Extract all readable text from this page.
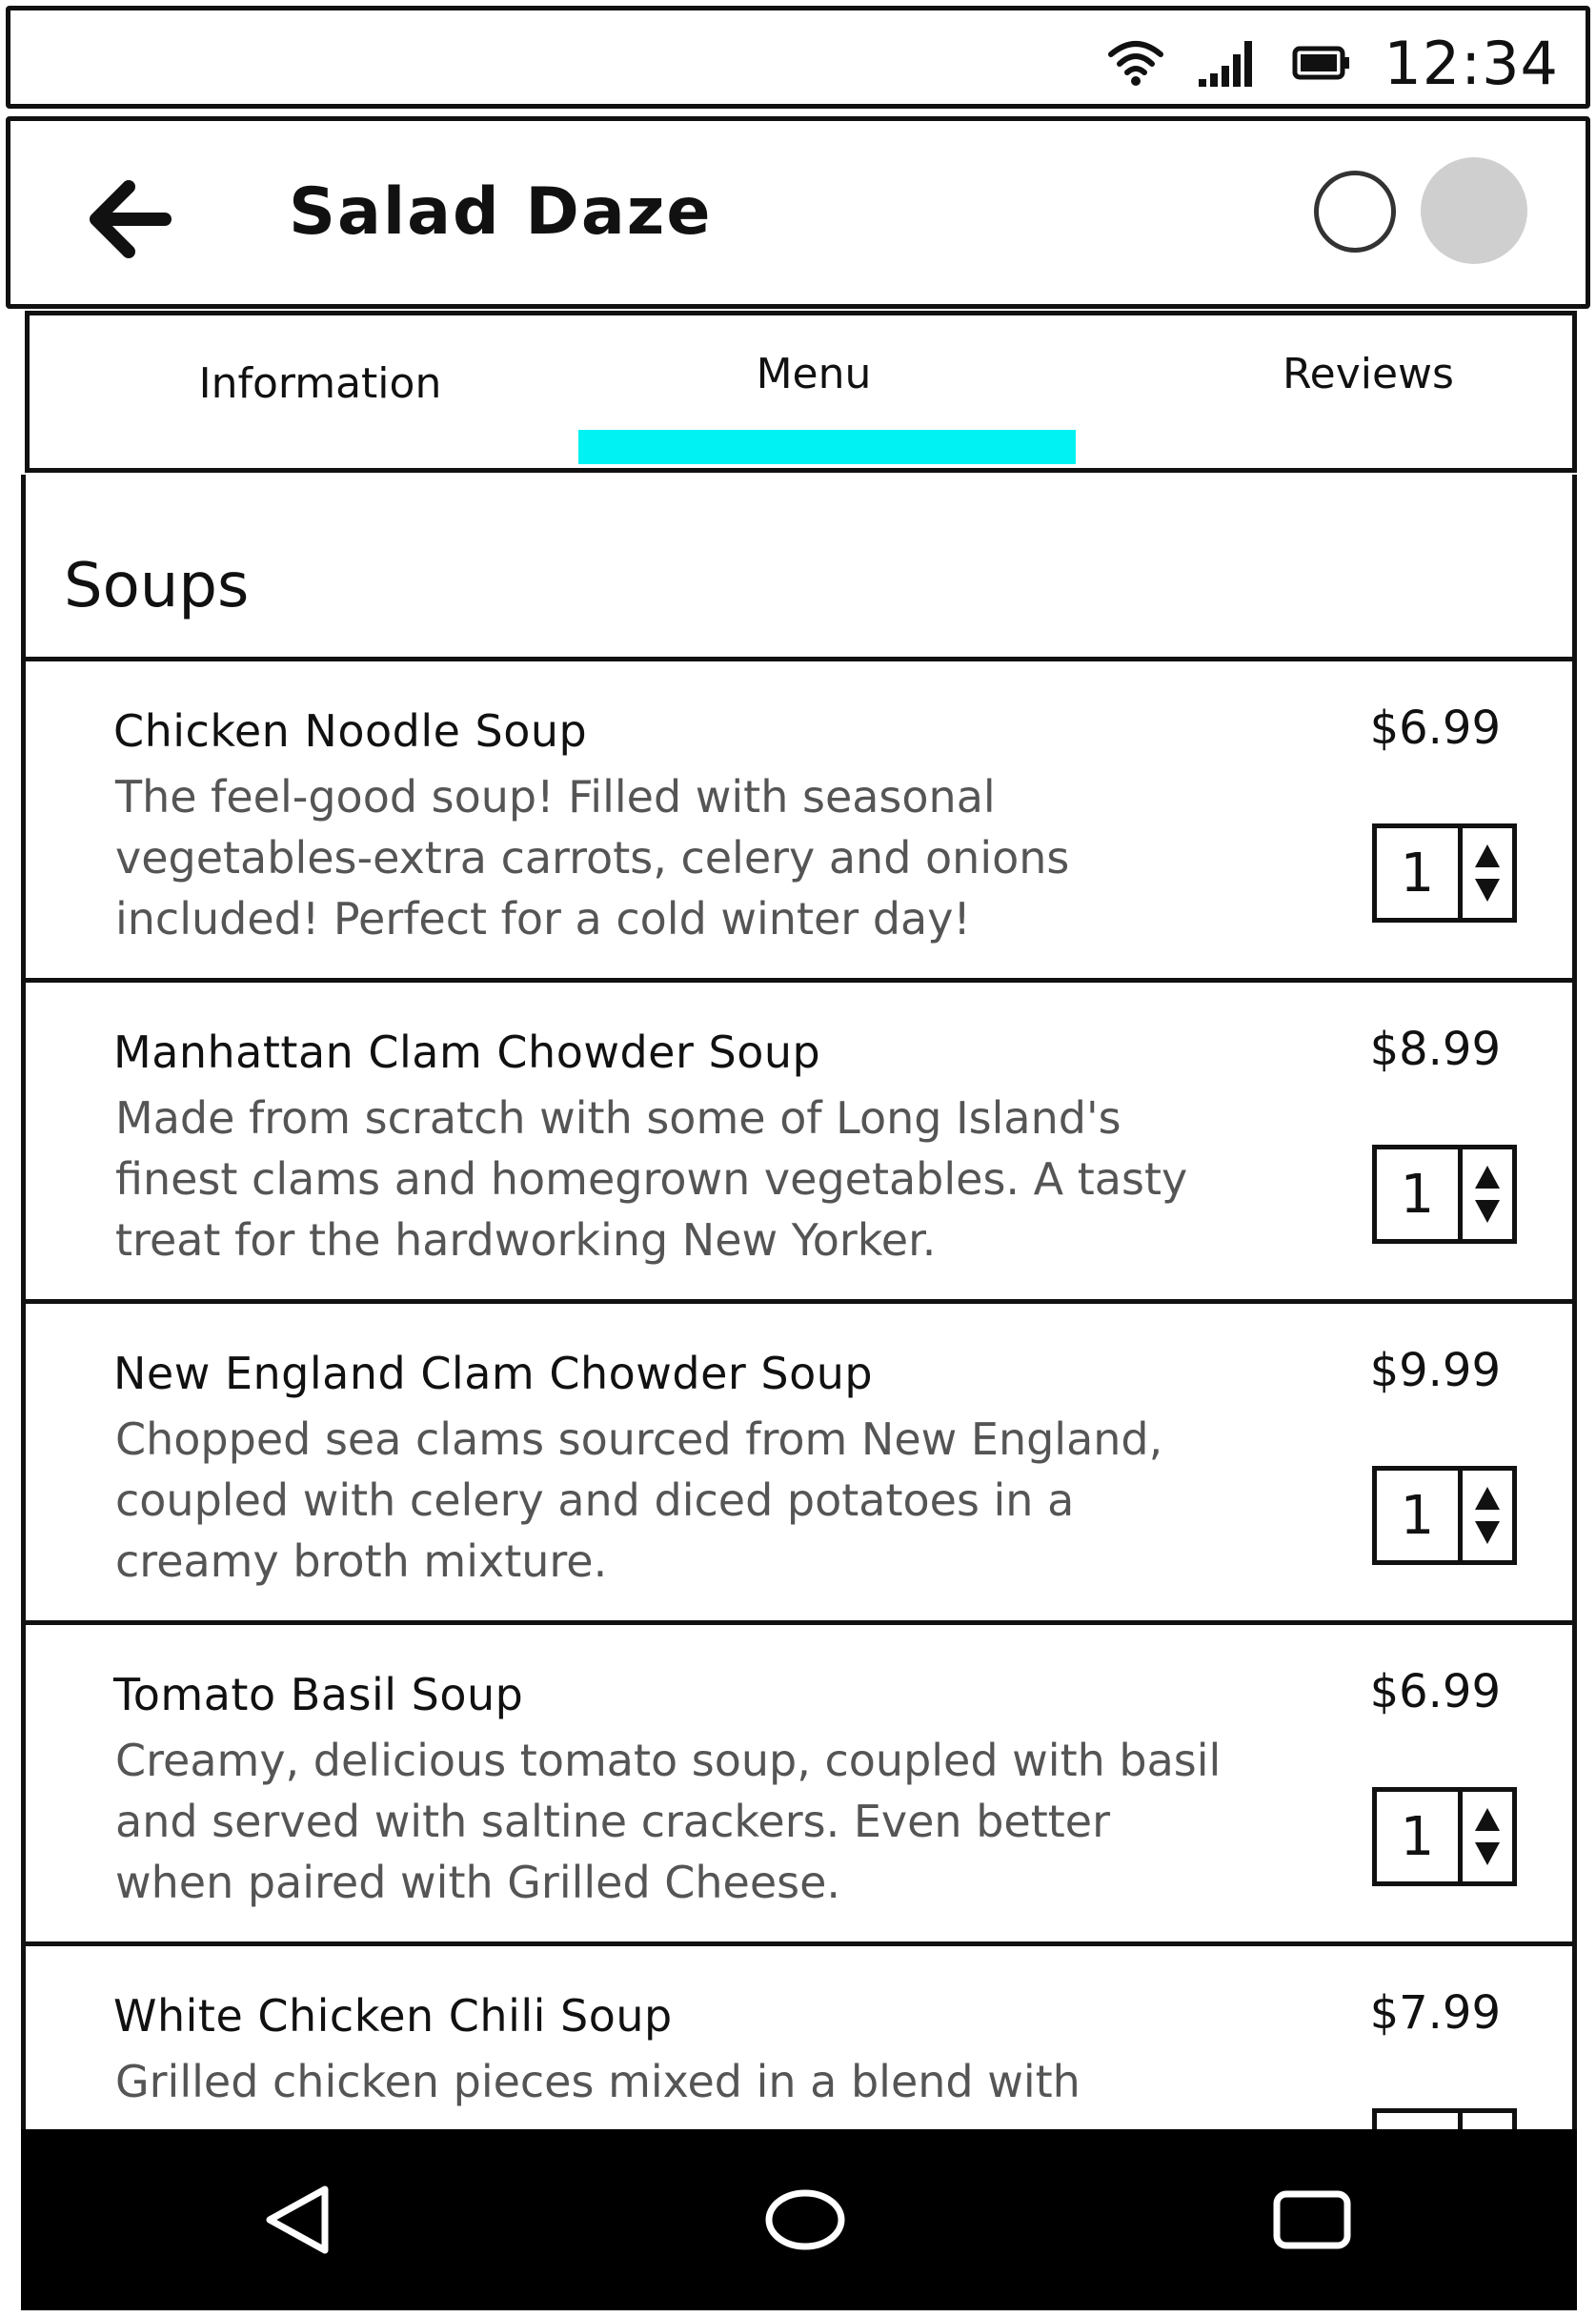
12:34
Salad Daze
Information	Menu	Reviews
Soups
Chicken Noodle Soup	$6.99
The feel-good soup! Filled with seasonal vegetables-extra carrots, celery and onions included! Perfect for a cold winter day!
1
Manhattan Clam Chowder Soup	$8.99
Made from scratch with some of Long Island's finest clams and homegrown vegetables. A tasty treat for the hardworking New Yorker.
1
New England Clam Chowder Soup	$9.99
Chopped sea clams sourced from New England, coupled with celery and diced potatoes in a creamy broth mixture.
1
Tomato Basil Soup	$6.99
Creamy, delicious tomato soup, coupled with basil and served with saltine crackers. Even better when paired with Grilled Cheese.
1
White Chicken Chili Soup	$7.99
Grilled chicken pieces mixed in a blend with
